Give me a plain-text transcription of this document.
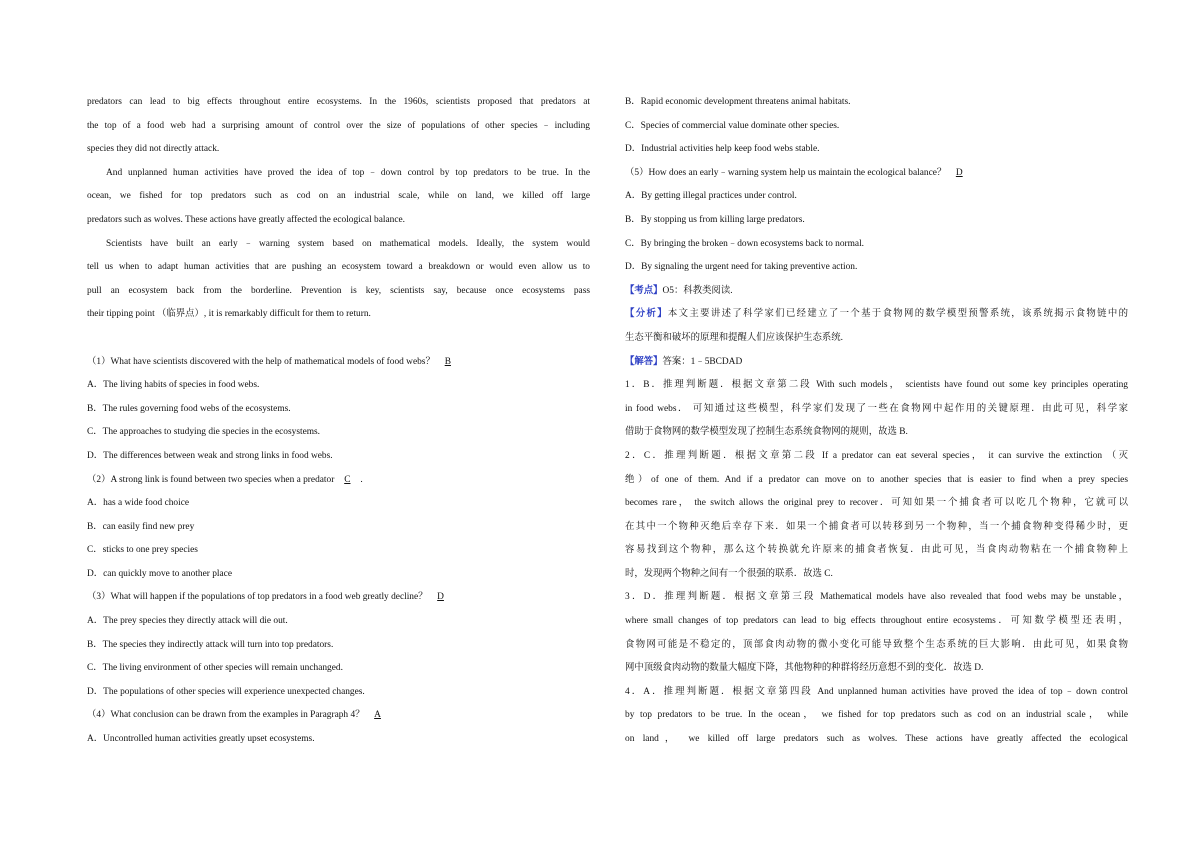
predators can lead to big effects throughout entire ecosystems. In the 1960s, scientists proposed that predators at
the top of a food web had a surprising amount of control over the size of populations of other species﹣including
species they did not directly attack.
And unplanned human activities have proved the idea of top﹣down control by top predators to be true. In the
ocean, we fished for top predators such as cod on an industrial scale, while on land, we killed off large
predators such as wolves. These actions have greatly affected the ecological balance.
Scientists have built an early﹣warning system based on mathematical models. Ideally, the system would
tell us when to adapt human activities that are pushing an ecosystem toward a breakdown or would even allow us to
pull an ecosystem back from the borderline. Prevention is key, scientists say, because once ecosystems pass
their tipping point （临界点）, it is remarkably difficult for them to return.
（1）What have scientists discovered with the help of mathematical models of food webs？ B
A．The living habits of species in food webs.
B．The rules governing food webs of the ecosystems.
C．The approaches to studying die species in the ecosystems.
D．The differences between weak and strong links in food webs.
（2）A strong link is found between two species when a predator C .
A．has a wide food choice
B．can easily find new prey
C．sticks to one prey species
D．can quickly move to another place
（3）What will happen if the populations of top predators in a food web greatly decline？ D
A．The prey species they directly attack will die out.
B．The species they indirectly attack will turn into top predators.
C．The living environment of other species will remain unchanged.
D．The populations of other species will experience unexpected changes.
（4）What conclusion can be drawn from the examples in Paragraph 4？ A
A．Uncontrolled human activities greatly upset ecosystems.
B．Rapid economic development threatens animal habitats.
C．Species of commercial value dominate other species.
D．Industrial activities help keep food webs stable.
（5）How does an early﹣warning system help us maintain the ecological balance？ D
A．By getting illegal practices under control.
B．By stopping us from killing large predators.
C．By bringing the broken﹣down ecosystems back to normal.
D．By signaling the urgent need for taking preventive action.
【考点】O5：科教类阅读.
【分析】本文主要讲述了科学家们已经建立了一个基于食物网的数学模型预警系统，该系统揭示食物链中的
生态平衡和破坏的原理和提醒人们应该保护生态系统.
【解答】答案：1﹣5BCDAD
1．B．推理判断题．根据文章第二段 With such models， scientists have found out some key principles operating
in food webs． 可知通过这些模型，科学家们发现了一些在食物网中起作用的关键原理．由此可见，科学家
借助于食物网的数学模型发现了控制生态系统食物网的规则，故选 B.
2．C．推理判断题．根据文章第二段 If a predator can eat several species， it can survive the extinction （灭
绝）of one of them. And if a predator can move on to another species that is easier to find when a prey species
becomes rare， the switch allows the original prey to recover．可知如果一个捕食者可以吃几个物种，它就可以
在其中一个物种灭绝后幸存下来．如果一个捕食者可以转移到另一个物种，当一个捕食物种变得稀少时，更
容易找到这个物种，那么这个转换就允许原来的捕食者恢复．由此可见，当食肉动物粘在一个捕食物种上
时，发现两个物种之间有一个很强的联系．故选 C.
3．D．推理判断题．根据文章第三段 Mathematical models have also revealed that food webs may be unstable，
where small changes of top predators can lead to big effects throughout entire ecosystems．可知数学模型还表明，
食物网可能是不稳定的，顶部食肉动物的微小变化可能导致整个生态系统的巨大影响．由此可见，如果食物
网中顶级食肉动物的数量大幅度下降，其他物种的种群将经历意想不到的变化．故选 D.
4．A．推理判断题．根据文章第四段 And unplanned human activities have proved the idea of top﹣down control
by top predators to be true. In the ocean， we fished for top predators such as cod on an industrial scale， while
on land， we killed off large predators such as wolves. These actions have greatly affected the ecological
